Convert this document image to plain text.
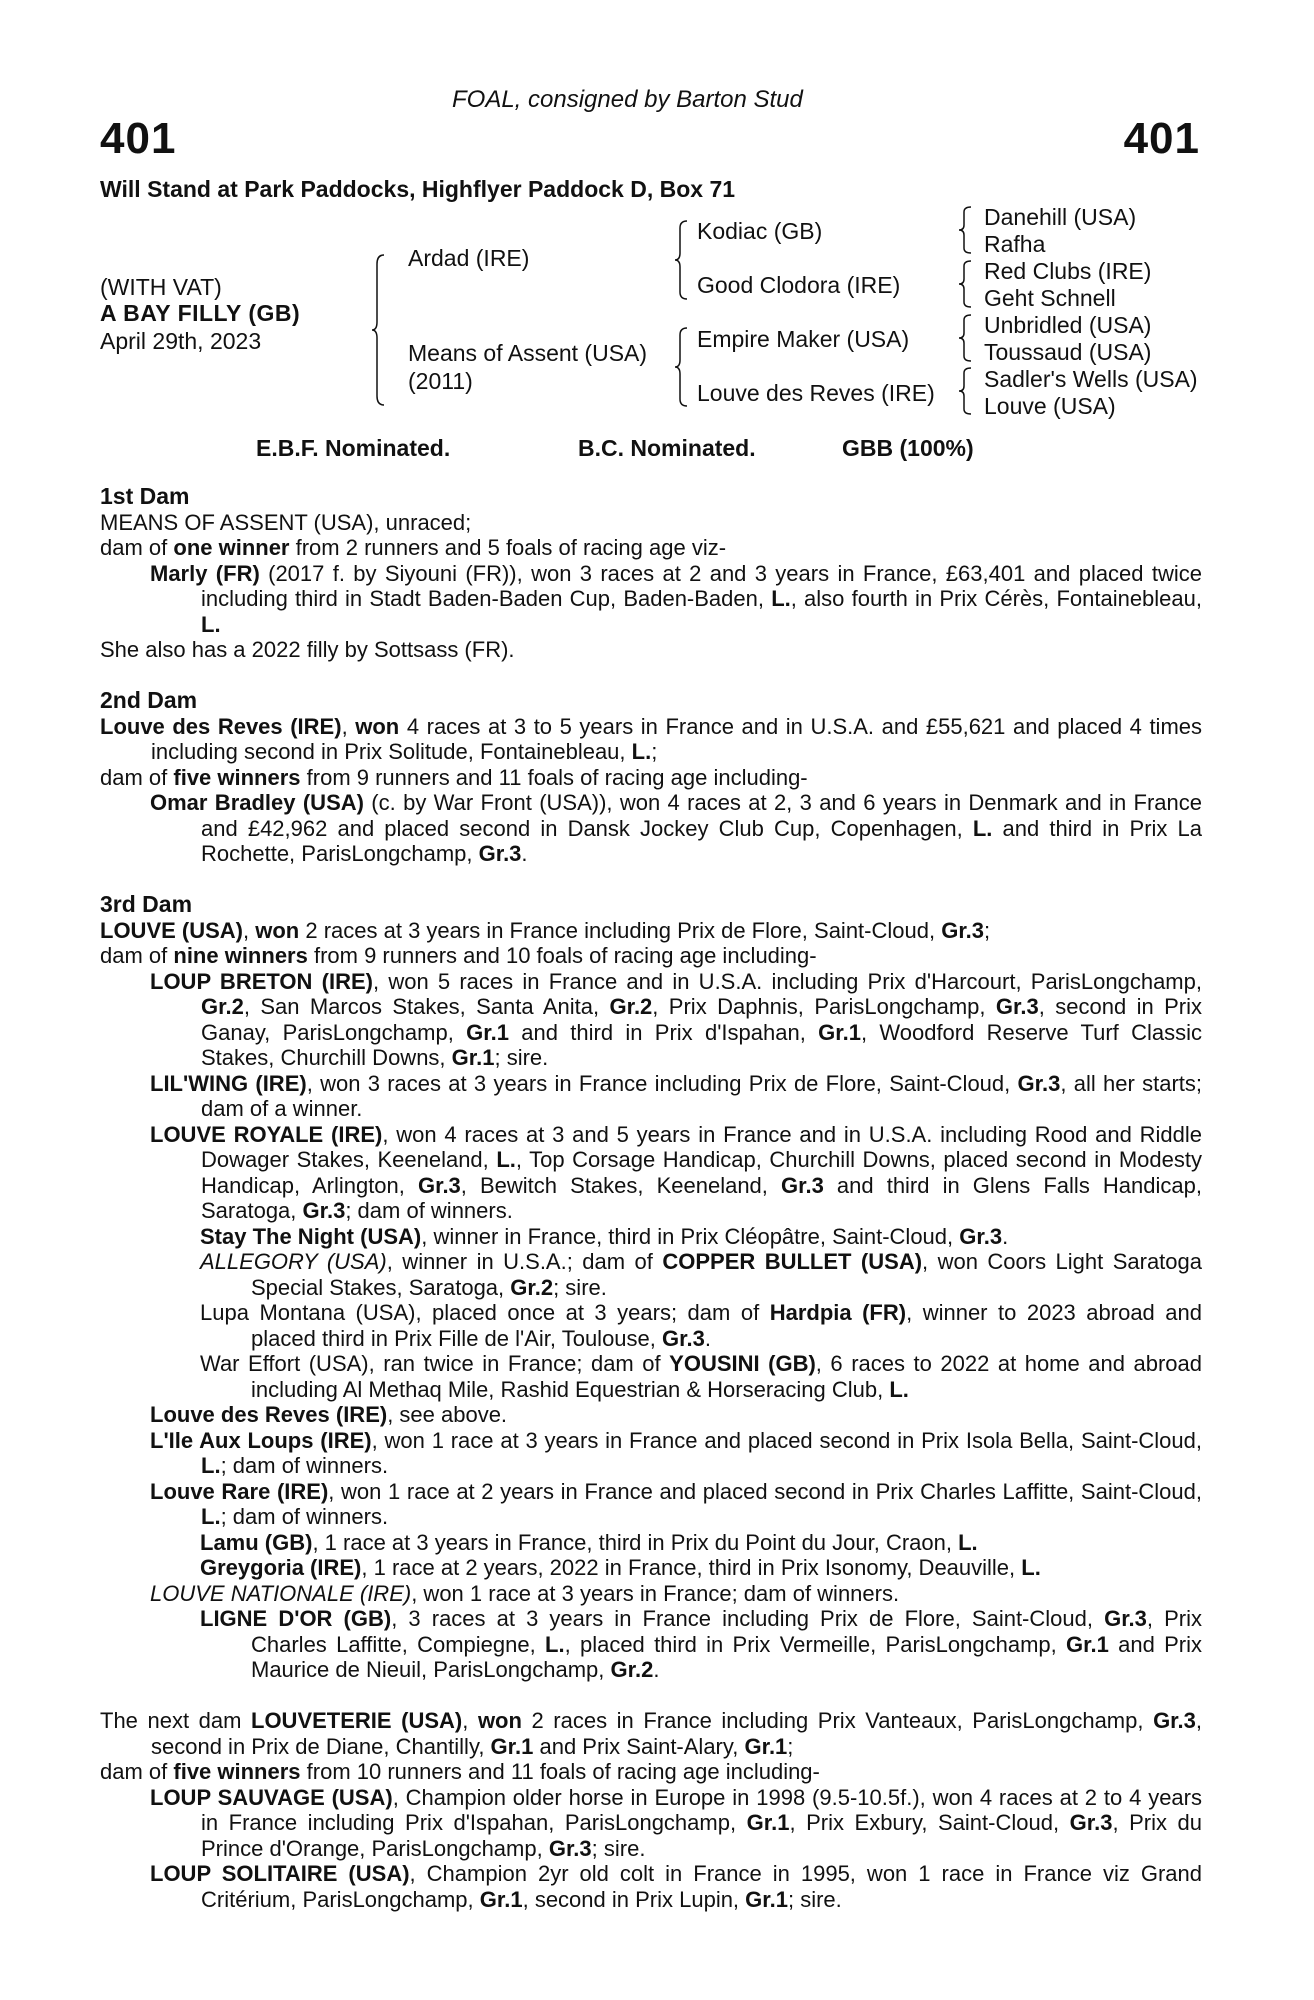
401	401
FOAL, consigned by Barton Stud
Will Stand at Park Paddocks, Highflyer Paddock D, Box 71
(WITH VAT)
A BAY FILLY (GB)
April 29th, 2023
Ardad (IRE)
Means of Assent (USA)
(2011)
Kodiac (GB)
Good Clodora (IRE)
Empire Maker (USA)
Louve des Reves (IRE)
Danehill (USA)
Rafha
Red Clubs (IRE)
Geht Schnell
Unbridled (USA)
Toussaud (USA)
Sadler's Wells (USA)
Louve (USA)
E.B.F. Nominated.	B.C. Nominated.	GBB (100%)

1st Dam

MEANS OF ASSENT (USA), unraced;

dam of one winner from 2 runners and 5 foals of racing age viz-

Marly (FR) (2017 f. by Siyouni (FR)), won 3 races at 2 and 3 years in France, £63,401 and placed twice including third in Stadt Baden-Baden Cup, Baden-Baden, L., also fourth in Prix Cérès, Fontainebleau, L.

She also has a 2022 filly by Sottsass (FR).

2nd Dam

Louve des Reves (IRE), won 4 races at 3 to 5 years in France and in U.S.A. and £55,621 and placed 4 times including second in Prix Solitude, Fontainebleau, L.;

dam of five winners from 9 runners and 11 foals of racing age including-

Omar Bradley (USA) (c. by War Front (USA)), won 4 races at 2, 3 and 6 years in Denmark and in France and £42,962 and placed second in Dansk Jockey Club Cup, Copenhagen, L. and third in Prix La Rochette, ParisLongchamp, Gr.3.

3rd Dam

LOUVE (USA), won 2 races at 3 years in France including Prix de Flore, Saint-Cloud, Gr.3;

dam of nine winners from 9 runners and 10 foals of racing age including-

LOUP BRETON (IRE), won 5 races in France and in U.S.A. including Prix d'Harcourt, ParisLongchamp, Gr.2, San Marcos Stakes, Santa Anita, Gr.2, Prix Daphnis, ParisLongchamp, Gr.3, second in Prix Ganay, ParisLongchamp, Gr.1 and third in Prix d'Ispahan, Gr.1, Woodford Reserve Turf Classic Stakes, Churchill Downs, Gr.1; sire.

LIL'WING (IRE), won 3 races at 3 years in France including Prix de Flore, Saint-Cloud, Gr.3, all her starts; dam of a winner.

LOUVE ROYALE (IRE), won 4 races at 3 and 5 years in France and in U.S.A. including Rood and Riddle Dowager Stakes, Keeneland, L., Top Corsage Handicap, Churchill Downs, placed second in Modesty Handicap, Arlington, Gr.3, Bewitch Stakes, Keeneland, Gr.3 and third in Glens Falls Handicap, Saratoga, Gr.3; dam of winners.

Stay The Night (USA), winner in France, third in Prix Cléopâtre, Saint-Cloud, Gr.3.

ALLEGORY (USA), winner in U.S.A.; dam of COPPER BULLET (USA), won Coors Light Saratoga Special Stakes, Saratoga, Gr.2; sire.

Lupa Montana (USA), placed once at 3 years; dam of Hardpia (FR), winner to 2023 abroad and placed third in Prix Fille de l'Air, Toulouse, Gr.3.

War Effort (USA), ran twice in France; dam of YOUSINI (GB), 6 races to 2022 at home and abroad including Al Methaq Mile, Rashid Equestrian & Horseracing Club, L.

Louve des Reves (IRE), see above.

L'Ile Aux Loups (IRE), won 1 race at 3 years in France and placed second in Prix Isola Bella, Saint-Cloud, L.; dam of winners.

Louve Rare (IRE), won 1 race at 2 years in France and placed second in Prix Charles Laffitte, Saint-Cloud, L.; dam of winners.

Lamu (GB), 1 race at 3 years in France, third in Prix du Point du Jour, Craon, L.

Greygoria (IRE), 1 race at 2 years, 2022 in France, third in Prix Isonomy, Deauville, L.

LOUVE NATIONALE (IRE), won 1 race at 3 years in France; dam of winners.

LIGNE D'OR (GB), 3 races at 3 years in France including Prix de Flore, Saint-Cloud, Gr.3, Prix Charles Laffitte, Compiegne, L., placed third in Prix Vermeille, ParisLongchamp, Gr.1 and Prix Maurice de Nieuil, ParisLongchamp, Gr.2.

The next dam LOUVETERIE (USA), won 2 races in France including Prix Vanteaux, ParisLongchamp, Gr.3, second in Prix de Diane, Chantilly, Gr.1 and Prix Saint-Alary, Gr.1;

dam of five winners from 10 runners and 11 foals of racing age including-

LOUP SAUVAGE (USA), Champion older horse in Europe in 1998 (9.5-10.5f.), won 4 races at 2 to 4 years in France including Prix d'Ispahan, ParisLongchamp, Gr.1, Prix Exbury, Saint-Cloud, Gr.3, Prix du Prince d'Orange, ParisLongchamp, Gr.3; sire.

LOUP SOLITAIRE (USA), Champion 2yr old colt in France in 1995, won 1 race in France viz Grand Critérium, ParisLongchamp, Gr.1, second in Prix Lupin, Gr.1; sire.
